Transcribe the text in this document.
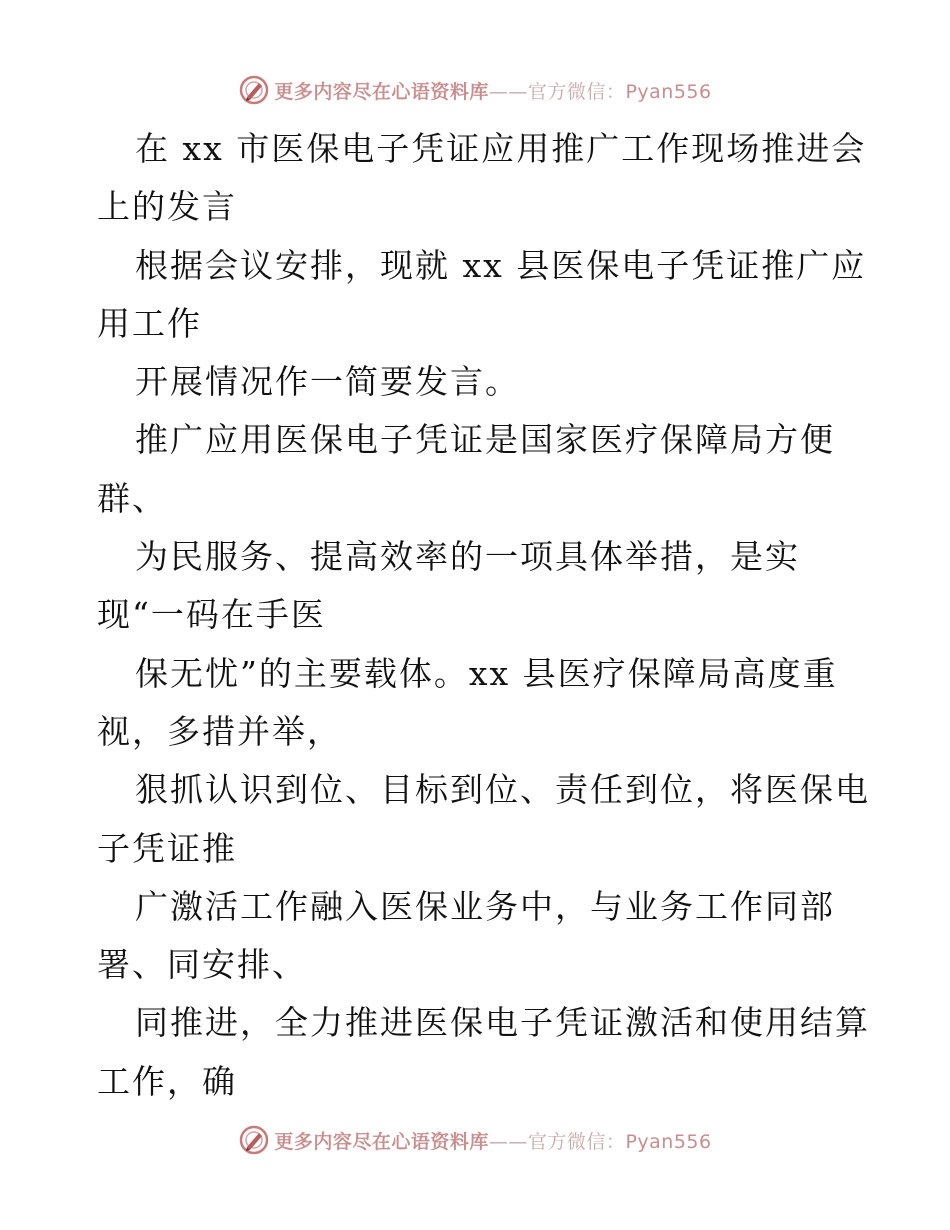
更多内容尽在心语资料库——官方微信：Pyan556
在 xx 市医保电子凭证应用推广工作现场推进会
上的发言
根据会议安排，现就 xx 县医保电子凭证推广应
用工作
开展情况作一简要发言。
推广应用医保电子凭证是国家医疗保障局方便
群、
为民服务、提高效率的一项具体举措，是实
现“一码在手医
保无忧”的主要载体。xx 县医疗保障局高度重
视，多措并举，
狠抓认识到位、目标到位、责任到位，将医保电
子凭证推
广激活工作融入医保业务中，与业务工作同部
署、同安排、
同推进，全力推进医保电子凭证激活和使用结算
工作，确
更多内容尽在心语资料库——官方微信：Pyan556
